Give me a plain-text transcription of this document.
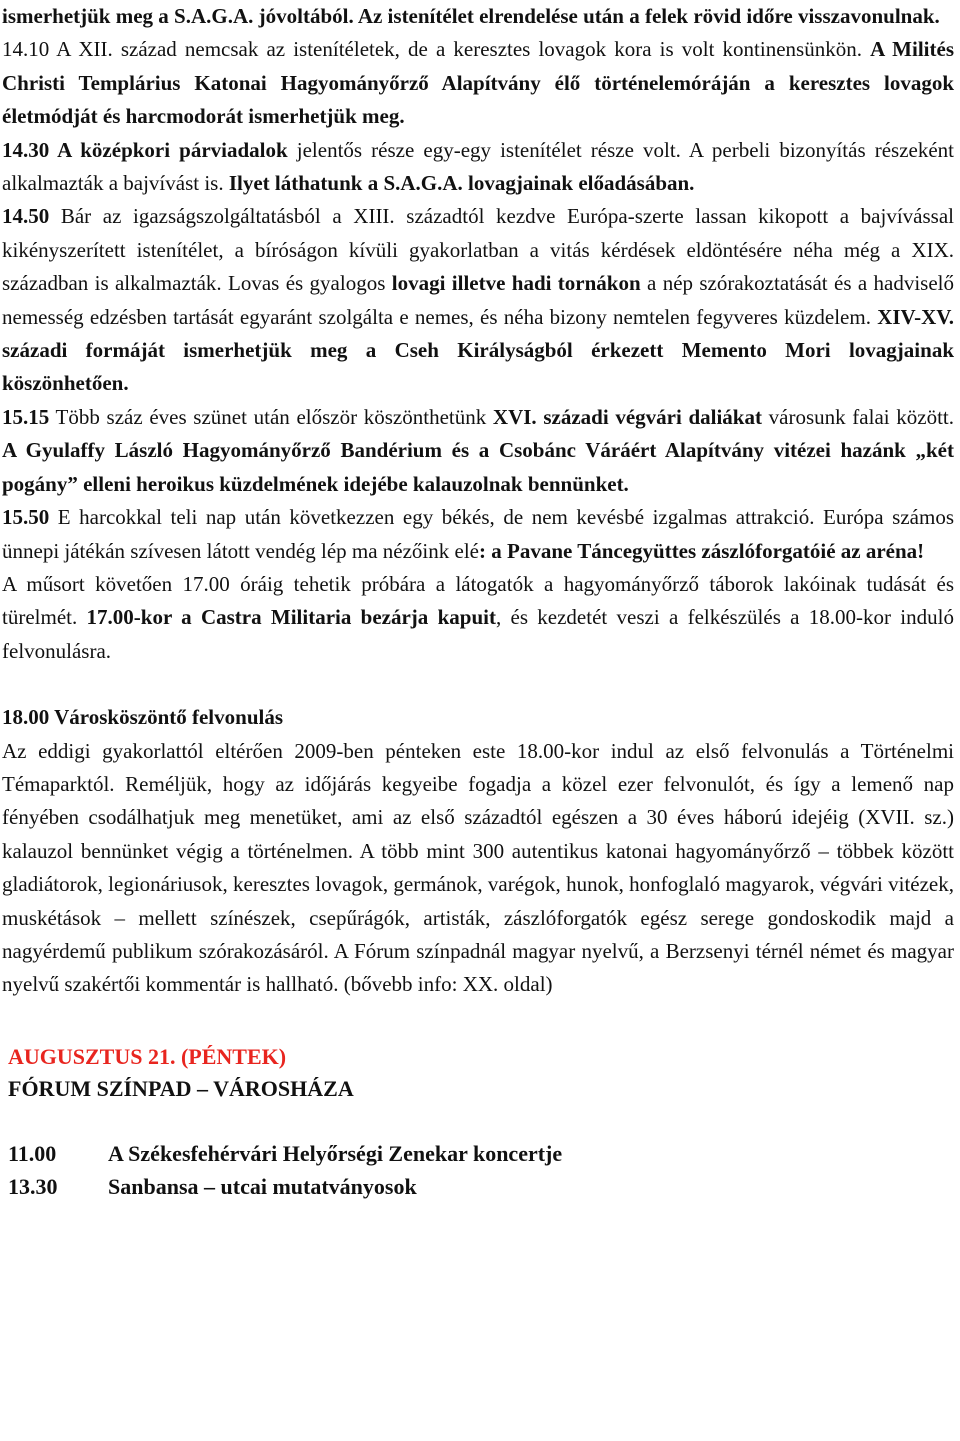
ismerhetjük meg a S.A.G.A. jóvoltából. Az istenítélet elrendelése után a felek rövid időre visszavonulnak.

14.10 A XII. század nemcsak az istenítéletek, de a keresztes lovagok kora is volt kontinensünkön. A Milités Christi Templárius Katonai Hagyományőrző Alapítvány élő történelemóráján a keresztes lovagok életmódját és harcmodorát ismerhetjük meg.

14.30 A középkori párviadalok jelentős része egy-egy istenítélet része volt. A perbeli bizonyítás részeként alkalmazták a bajvívást is. Ilyet láthatunk a S.A.G.A. lovagjainak előadásában.

14.50 Bár az igazságszolgáltatásból a XIII. századtól kezdve Európa-szerte lassan kikopott a bajvívással kikényszerített istenítélet, a bíróságon kívüli gyakorlatban a vitás kérdések eldöntésére néha még a XIX. században is alkalmazták. Lovas és gyalogos lovagi illetve hadi tornákon a nép szórakoztatását és a hadviselő nemesség edzésben tartását egyaránt szolgálta e nemes, és néha bizony nemtelen fegyveres küzdelem. XIV-XV. századi formáját ismerhetjük meg a Cseh Királyságból érkezett Memento Mori lovagjainak köszönhetően.

15.15 Több száz éves szünet után először köszönthetünk XVI. századi végvári daliákat városunk falai között. A Gyulaffy László Hagyományőrző Bandérium és a Csobánc Váráért Alapítvány vitézei hazánk „két pogány” elleni heroikus küzdelmének idejébe kalauzolnak bennünket.

15.50 E harcokkal teli nap után következzen egy békés, de nem kevésbé izgalmas attrakció. Európa számos ünnepi játékán szívesen látott vendég lép ma nézőink elé: a Pavane Táncegyüttes zászlóforgatóié az aréna!

A műsort követően 17.00 óráig tehetik próbára a látogatók a hagyományőrző táborok lakóinak tudását és türelmét. 17.00-kor a Castra Militaria bezárja kapuit, és kezdetét veszi a felkészülés a 18.00-kor induló felvonulásra.

18.00 Városköszöntő felvonulás
Az eddigi gyakorlattól eltérően 2009-ben pénteken este 18.00-kor indul az első felvonulás a Történelmi Témaparktól. Reméljük, hogy az időjárás kegyeibe fogadja a közel ezer felvonulót, és így a lemenő nap fényében csodálhatjuk meg menetüket, ami az első századtól egészen a 30 éves háború idejéig (XVII. sz.) kalauzol bennünket végig a történelmen. A több mint 300 autentikus katonai hagyományőrző – többek között gladiátorok, legionáriusok, keresztes lovagok, germánok, varégok, hunok, honfoglaló magyarok, végvári vitézek, muskétások – mellett színészek, csepűrágók, artisták, zászlóforgatók egész serege gondoskodik majd a nagyérdemű publikum szórakozásáról. A Fórum színpadnál magyar nyelvű, a Berzsenyi térnél német és magyar nyelvű szakértői kommentár is hallható. (bővebb info: XX. oldal)

AUGUSZTUS 21. (PÉNTEK)
FÓRUM SZÍNPAD – VÁROSHÁZA
11.00	A Székesfehérvári Helyőrségi Zenekar koncertje
13.30	Sanbansa – utcai mutatványosok
